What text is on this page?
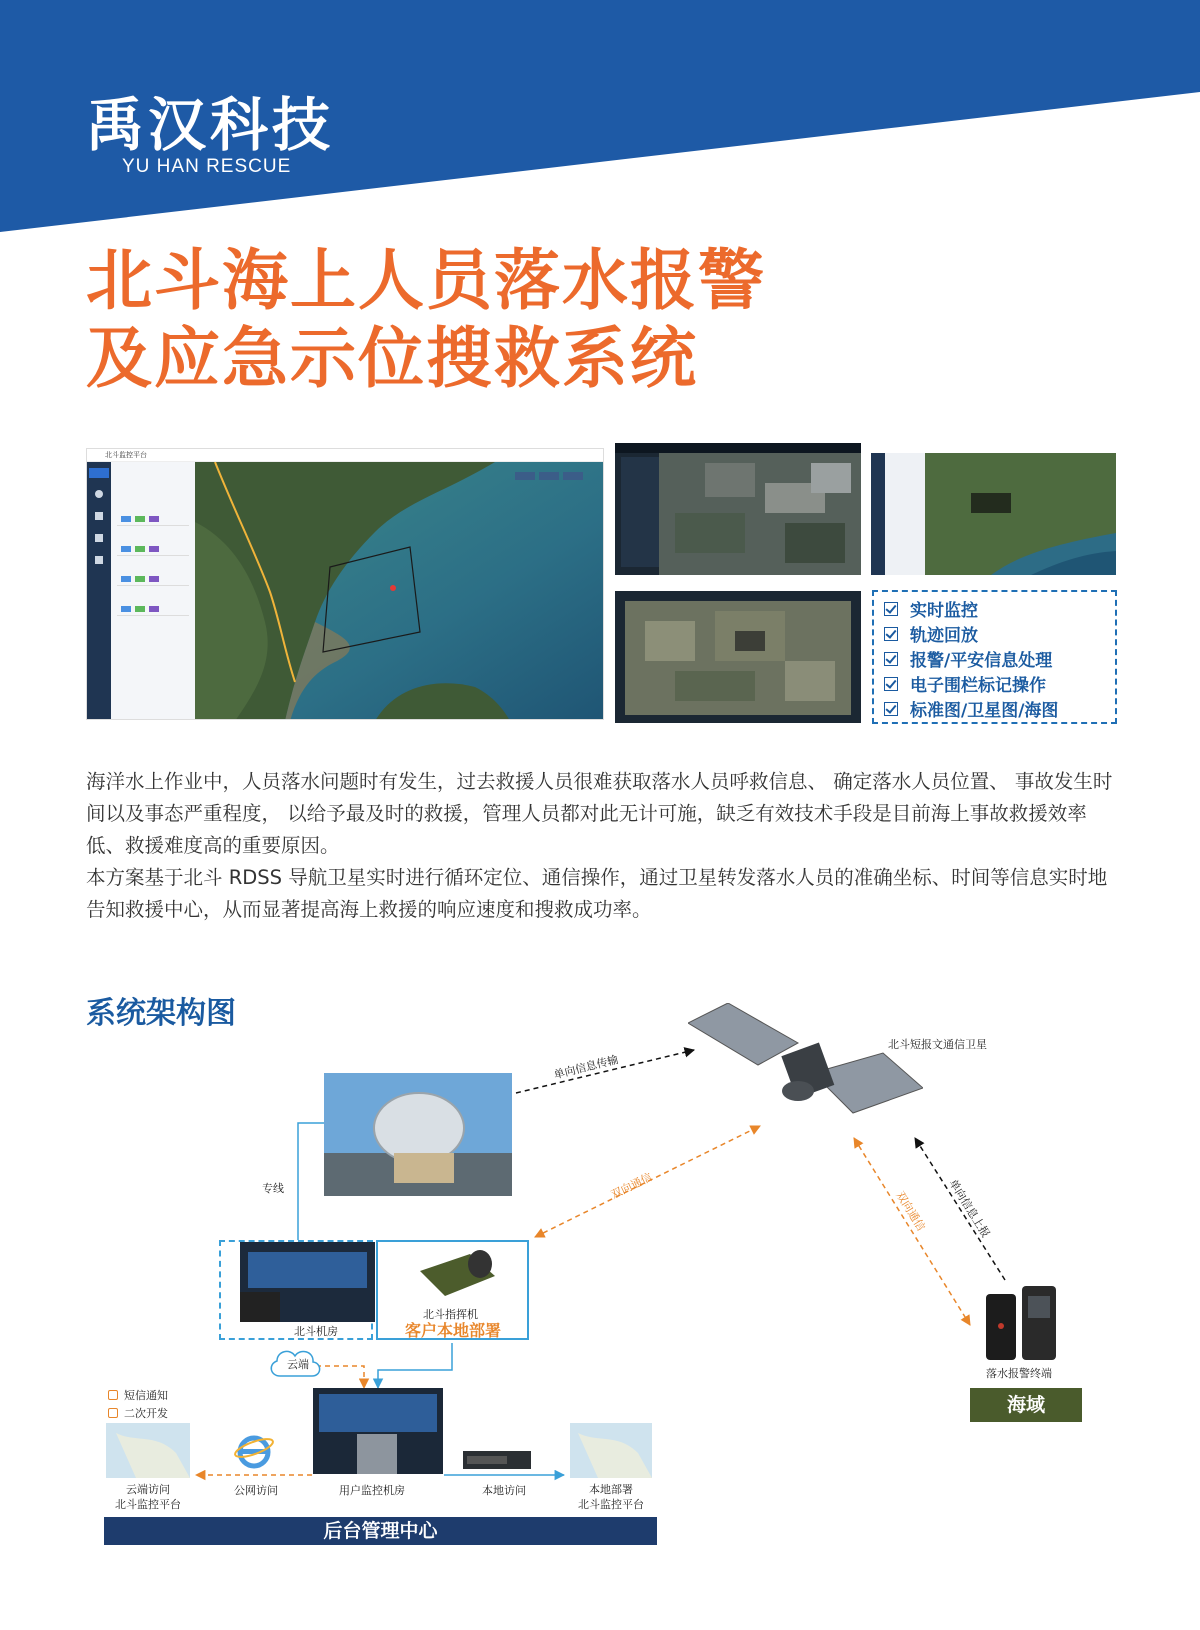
禹汉科技
YU HAN RESCUE
北斗海上人员落水报警
及应急示位搜救系统
北斗监控平台
实时监控
轨迹回放
报警/平安信息处理
电子围栏标记操作
标准图/卫星图/海图
海洋水上作业中，人员落水问题时有发生，过去救援人员很难获取落水人员呼救信息、 确定落水人员位置、 事故发生时间以及事态严重程度， 以给予最及时的救援，管理人员都对此无计可施，缺乏有效技术手段是目前海上事故救援效率低、救援难度高的重要原因。
本方案基于北斗 RDSS 导航卫星实时进行循环定位、通信操作，通过卫星转发落水人员的准确坐标、时间等信息实时地告知救援中心，从而显著提高海上救援的响应速度和搜救成功率。
系统架构图
北斗机房
北斗指挥机
客户本地部署
云端
短信通知
二次开发
云端访问
北斗监控平台
公网访问	用户监控机房	本地访问	本地部署
北斗监控平台
后台管理中心
落水报警终端
海域
北斗短报文通信卫星
单向信息传输
双向通信
双向通信 单向信息上报
专线
